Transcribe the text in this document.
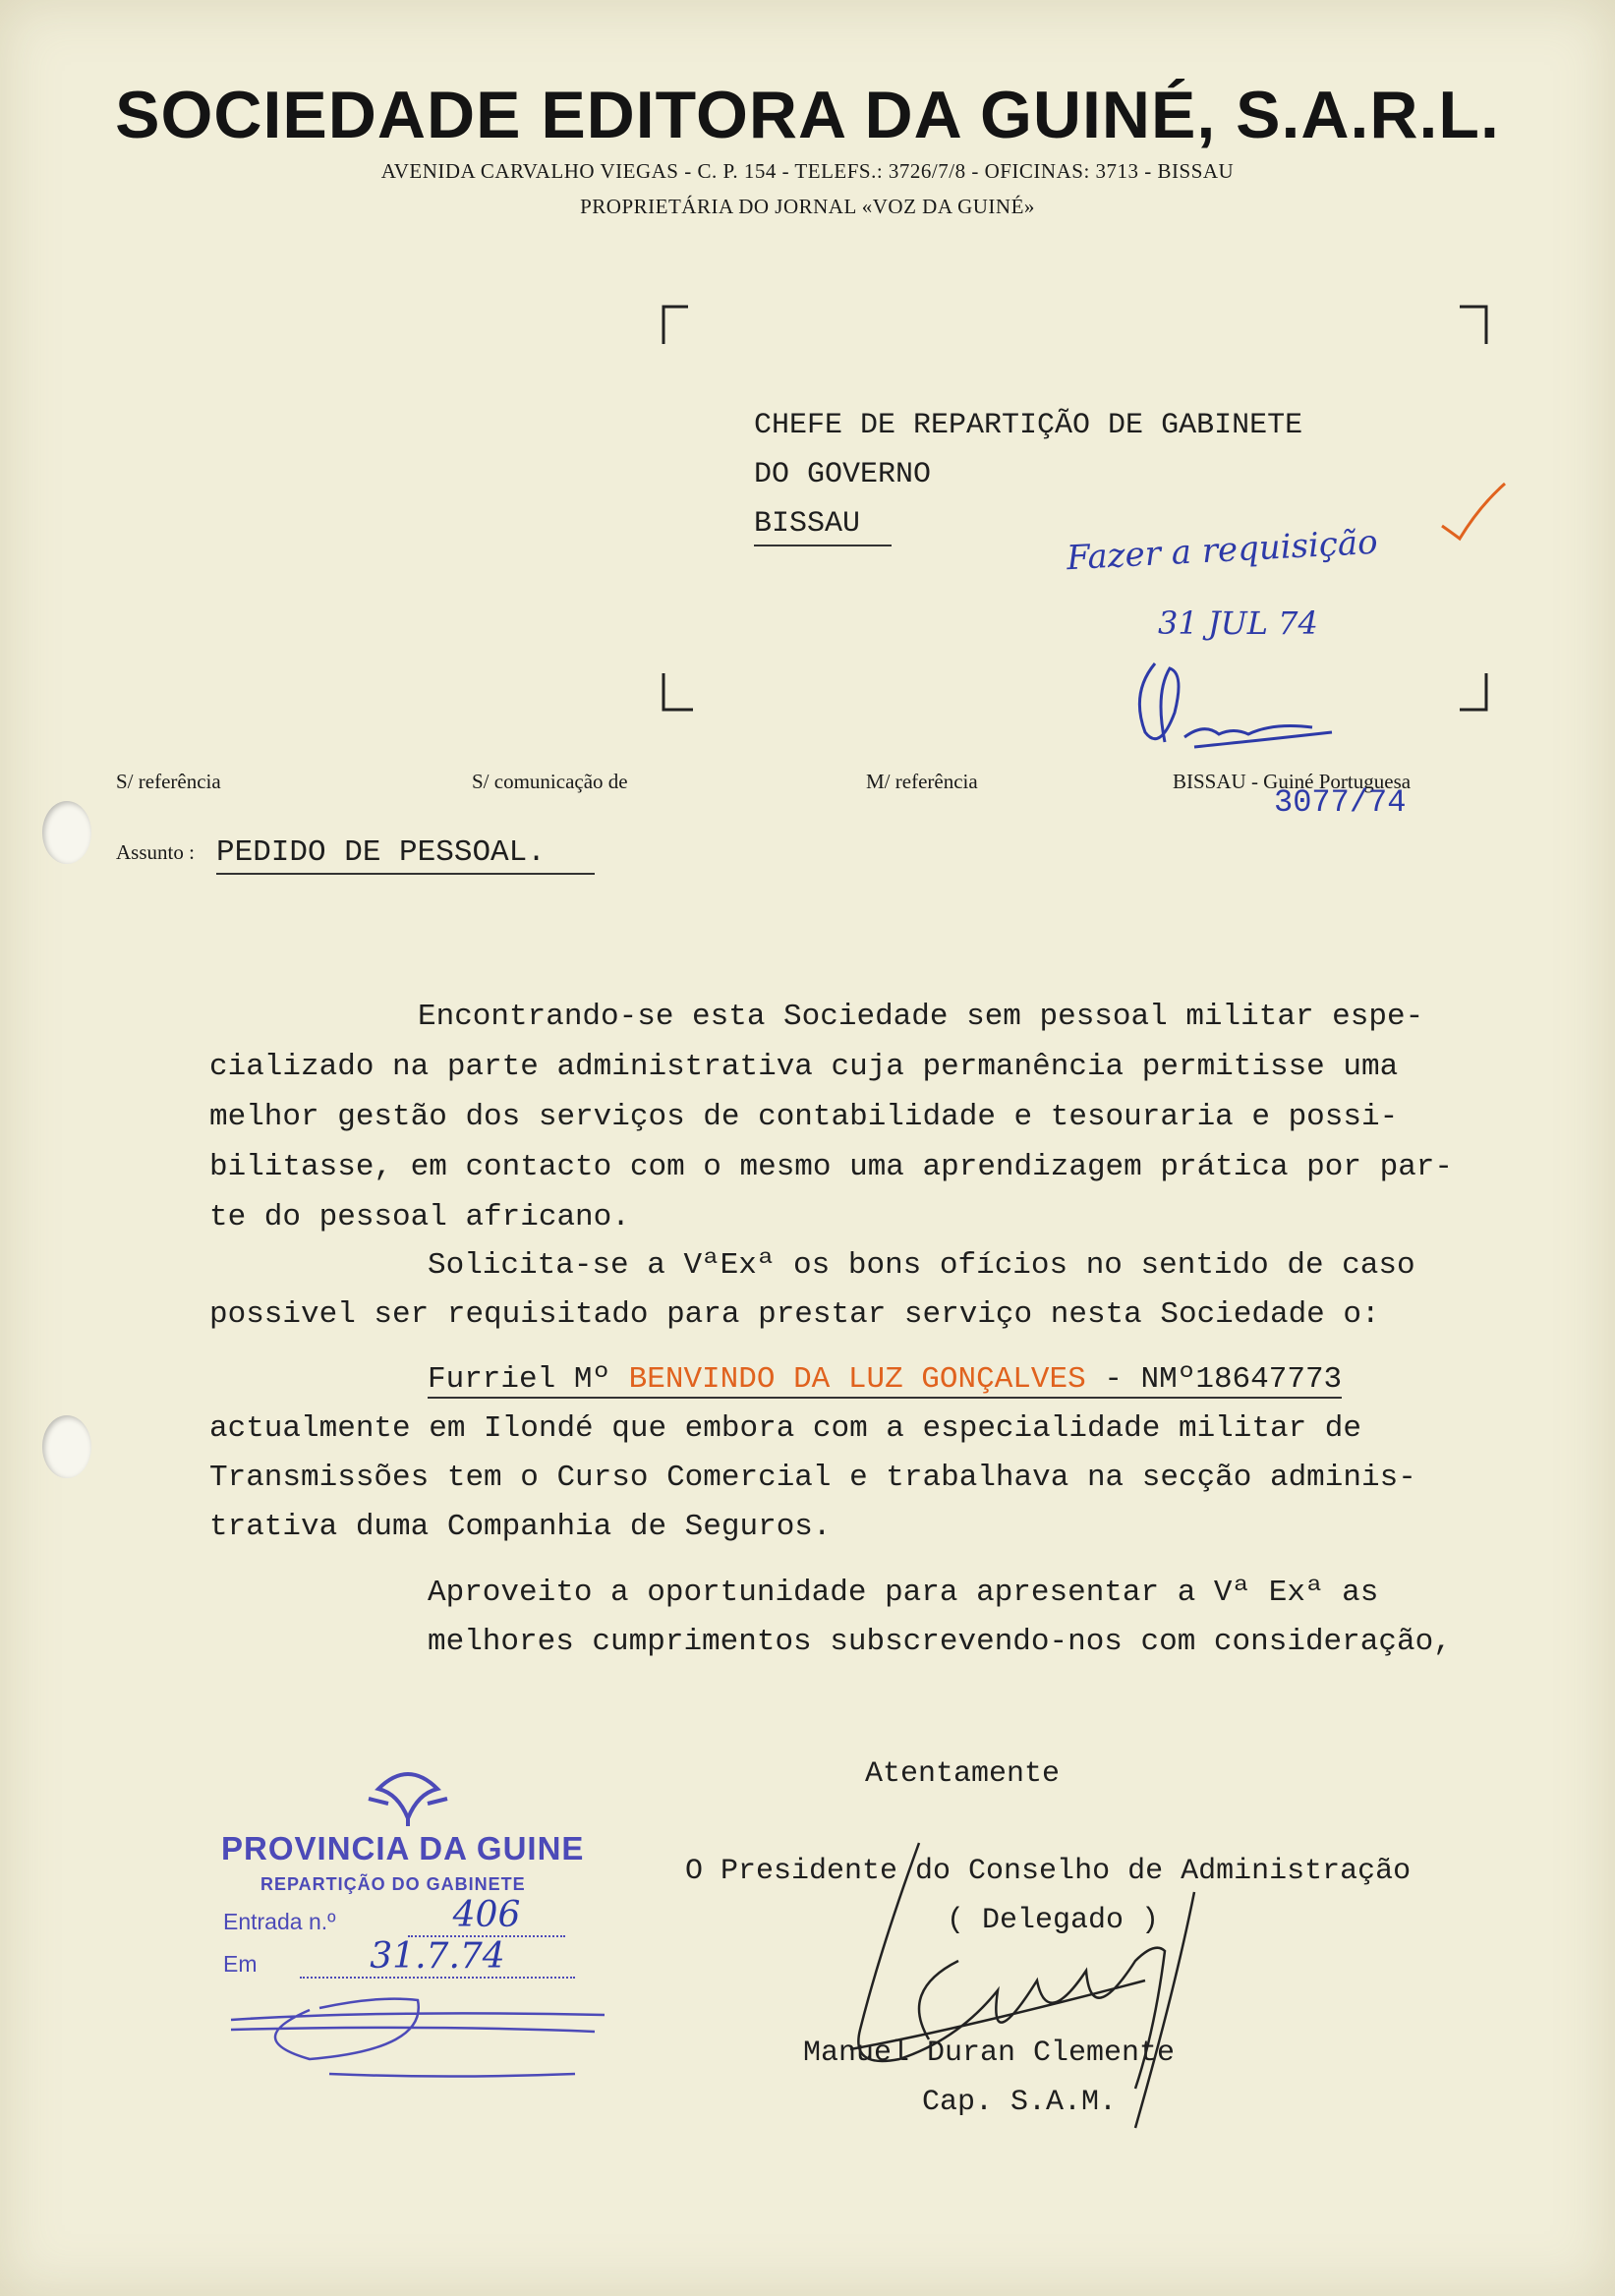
SOCIEDADE EDITORA DA GUINÉ, S.A.R.L.
AVENIDA CARVALHO VIEGAS - C. P. 154 - TELEFS.: 3726/7/8 - OFICINAS: 3713 - BISSAU
PROPRIETÁRIA DO JORNAL «VOZ DA GUINÉ»
CHEFE DE REPARTIÇÃO DE GABINETE
DO GOVERNO
BISSAU
S/ referência	S/ comunicação de	M/ referência	BISSAU - Guiné Portuguesa
Assunto : PEDIDO DE PESSOAL.
Encontrando-se esta Sociedade sem pessoal militar espe-
cializado na parte administrativa cuja permanência permitisse uma
melhor gestão dos serviços de contabilidade e tesouraria e possi-
bilitasse, em contacto com o mesmo uma aprendizagem prática por par-
te do pessoal africano.
Solicita-se a VªExª os bons ofícios no sentido de caso
possivel ser requisitado para prestar serviço nesta Sociedade o:
Furriel Mº BENVINDO DA LUZ GONÇALVES - NMº18647773
actualmente em Ilondé que embora com a especialidade militar de
Transmissões tem o Curso Comercial e trabalhava na secção adminis-
trativa duma Companhia de Seguros.
Aproveito a oportunidade para apresentar a Vª Exª as
melhores cumprimentos subscrevendo-nos com consideração,
Atentamente
O Presidente do Conselho de Administração
( Delegado )
Manuel Duran Clemente
Cap. S.A.M.
Fazer a requisição
31 JUL 74
3077/74
PROVINCIA DA GUINE
REPARTIÇÃO DO GABINETE
Entrada n.º	406
Em	31.7.74
